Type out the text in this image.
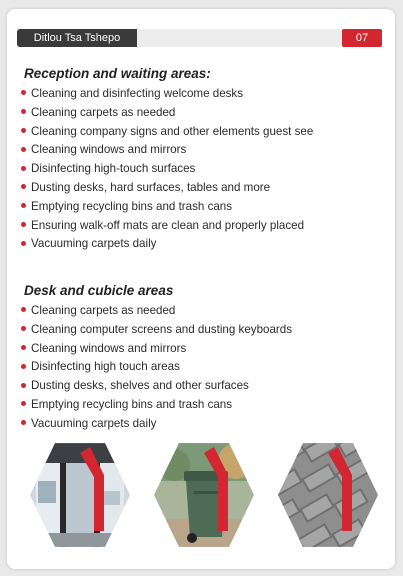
Ditlou Tsa Tshepo	07
Reception and waiting areas:
Cleaning and disinfecting welcome desks
Cleaning carpets as needed
Cleaning company signs and other elements guest see
Cleaning windows and mirrors
Disinfecting high-touch surfaces
Dusting desks, hard surfaces, tables and more
Emptying recycling bins and trash cans
Ensuring walk-off mats are clean and properly placed
Vacuuming carpets daily
Desk and cubicle areas
Cleaning carpets as needed
Cleaning computer screens and dusting keyboards
Cleaning windows and mirrors
Disinfecting high touch areas
Dusting desks, shelves and other surfaces
Emptying recycling bins and trash cans
Vacuuming carpets daily
